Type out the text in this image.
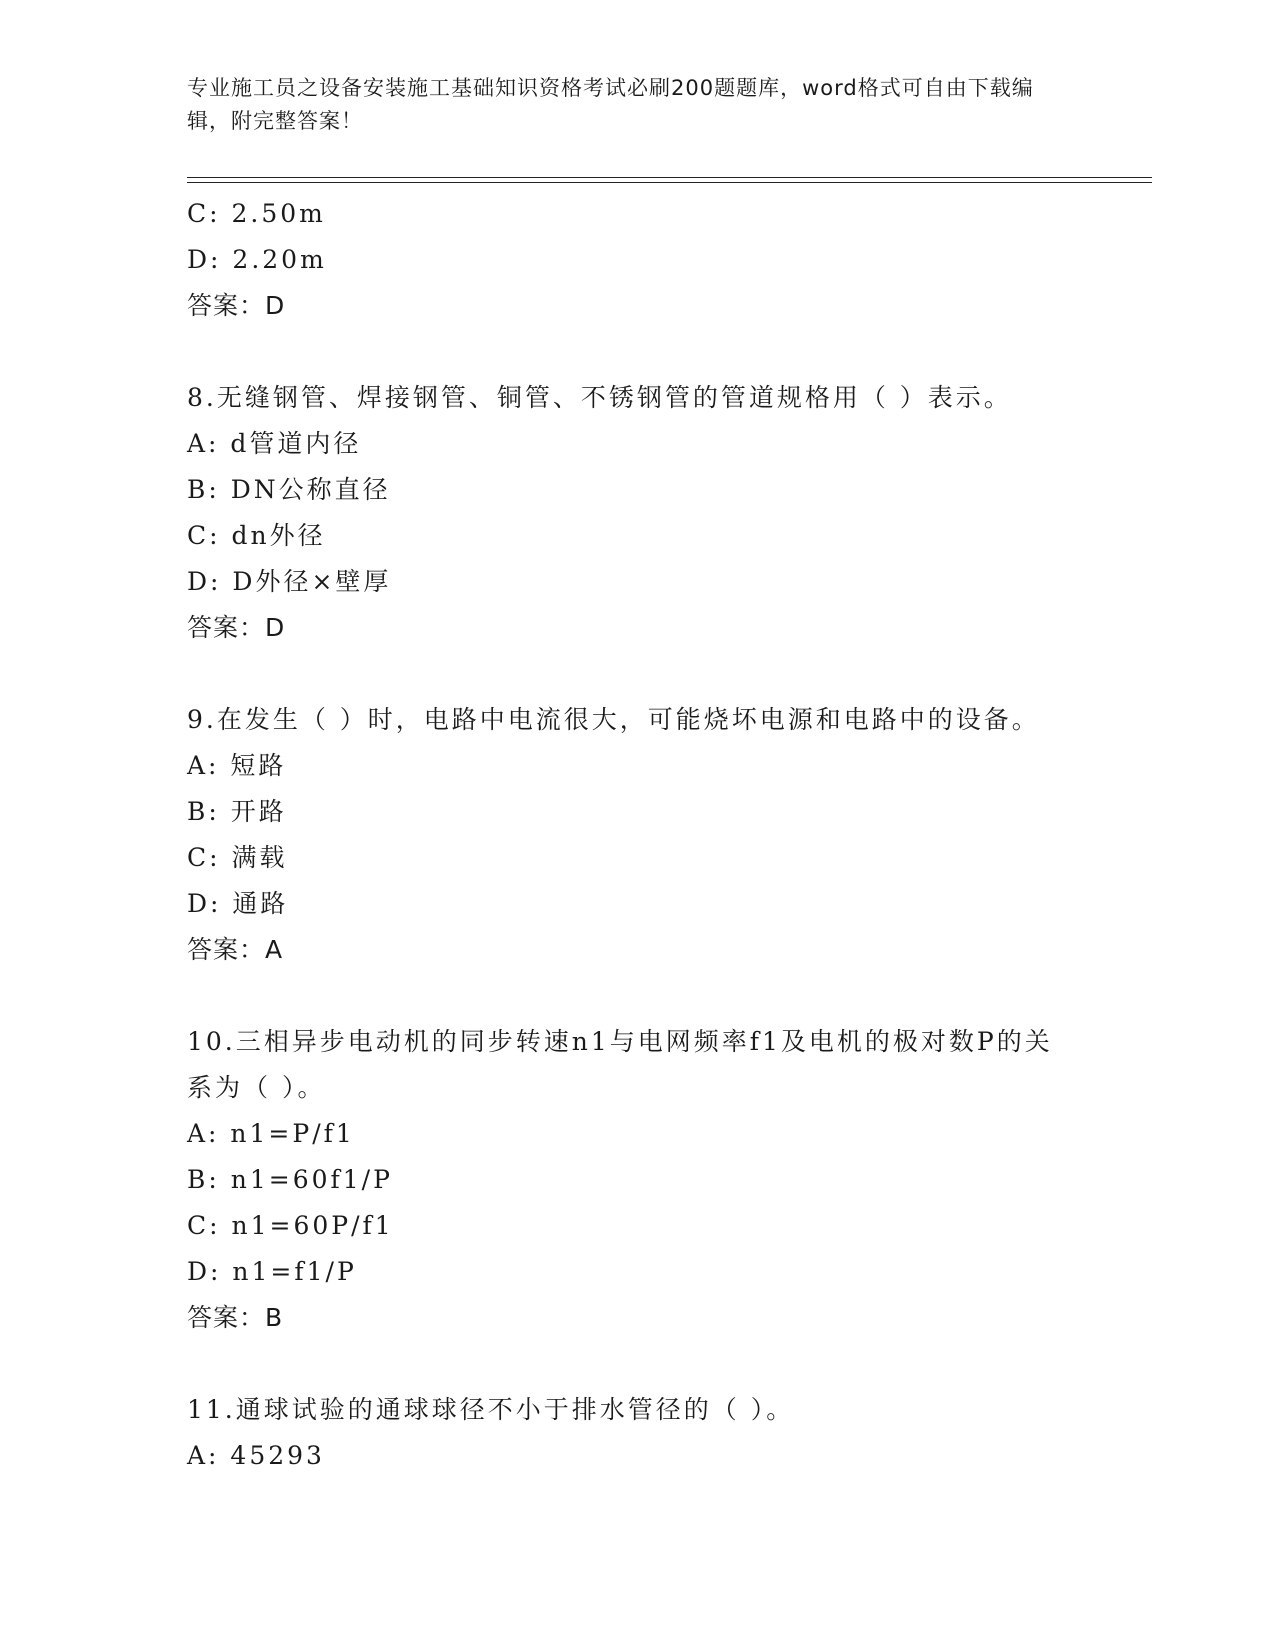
专业施工员之设备安装施工基础知识资格考试必刷200题题库，word格式可自由下载编辑，附完整答案！
C: 2.50m
D: 2.20m
答案：D
8.无缝钢管、焊接钢管、铜管、不锈钢管的管道规格用（ ）表示。
A: d管道内径
B: DN公称直径
C: dn外径
D: D外径×壁厚
答案：D
9.在发生（ ）时，电路中电流很大，可能烧坏电源和电路中的设备。
A: 短路
B: 开路
C: 满载
D: 通路
答案：A
10.三相异步电动机的同步转速n1与电网频率f1及电机的极对数P的关系为（ ）。
A: n1=P/f1
B: n1=60f1/P
C: n1=60P/f1
D: n1=f1/P
答案：B
11.通球试验的通球球径不小于排水管径的（ ）。
A: 45293
